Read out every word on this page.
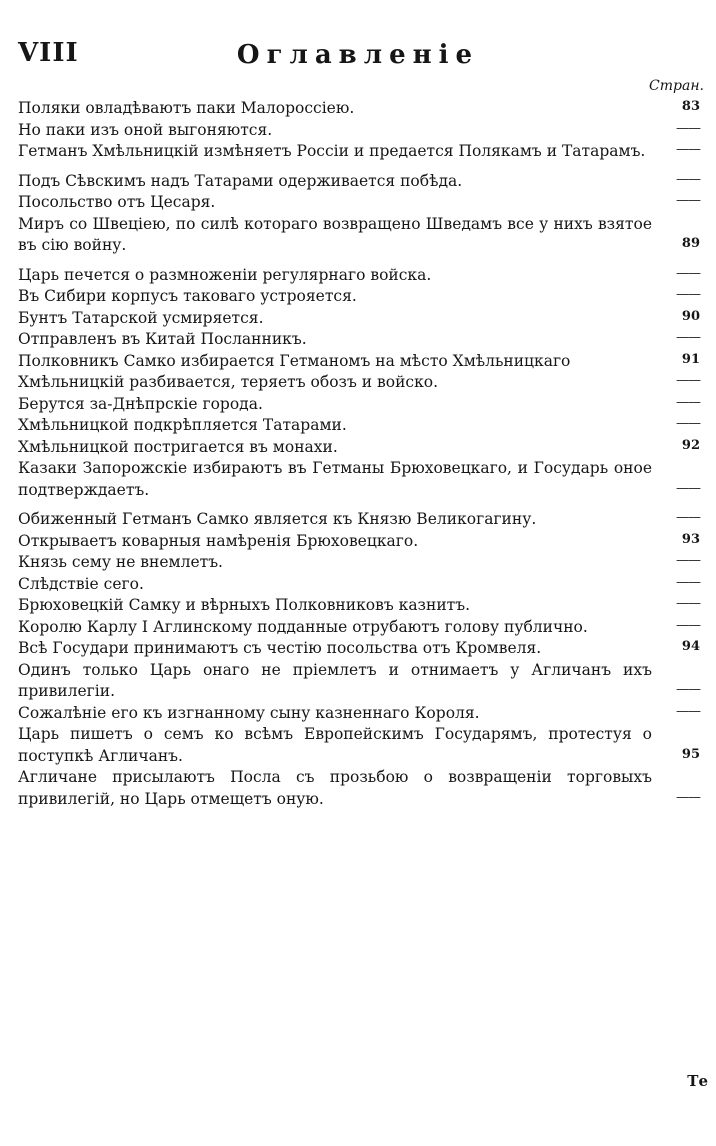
VIII	Оглавленіе
Стран.
Поляки овладѣваютъ паки Малороссіею.	83
Но паки изъ оной выгоняются.	——
Гетманъ Хмѣльницкій измѣняетъ Россіи и предается Полякамъ и Татарамъ.	——
Подъ Сѣвскимъ надъ Татарами одерживается побѣда.	——
Посольство отъ Цесаря.	——
Миръ со Швеціею, по силѣ котораго возвращено Шведамъ все у нихъ взятое въ сію войну.	89
Царь печется о размноженіи регулярнаго войска.	——
Въ Сибири корпусъ таковаго устрояется.	——
Бунтъ Татарской усмиряется.	90
Отправленъ въ Китай Посланникъ.	——
Полковникъ Самко избирается Гетманомъ на мѣсто Хмѣльницкаго	91
Хмѣльницкій разбивается, теряетъ обозъ и войско.	——
Берутся за-Днѣпрскіе города.	——
Хмѣльницкой подкрѣпляется Татарами.	——
Хмѣльницкой постригается въ монахи.	92
Казаки Запорожскіе избираютъ въ Гетманы Брюховецкаго, и Государь оное подтверждаетъ.	——
Обиженный Гетманъ Самко является къ Князю Великогагину.	——
Открываетъ коварныя намѣренія Брюховецкаго.	93
Князь сему не внемлетъ.	——
Слѣдствіе сего.	——
Брюховецкій Самку и вѣрныхъ Полковниковъ казнитъ.	——
Королю Карлу I Аглинскому подданные отрубаютъ голову публично.	——
Всѣ Государи принимаютъ съ честію посольства отъ Кромвеля.	94
Одинъ только Царь онаго не пріемлетъ и отнимаетъ у Агличанъ ихъ привилегіи.	——
Сожалѣніе его къ изгнанному сыну казненнаго Короля.	——
Царь пишетъ о семъ ко всѣмъ Европейскимъ Государямъ, протестуя о поступкѣ Агличанъ.	95
Агличане присылаютъ Посла съ прозьбою о возвращеніи торговыхъ привилегій, но Царь отмещетъ оную.	——
Те
